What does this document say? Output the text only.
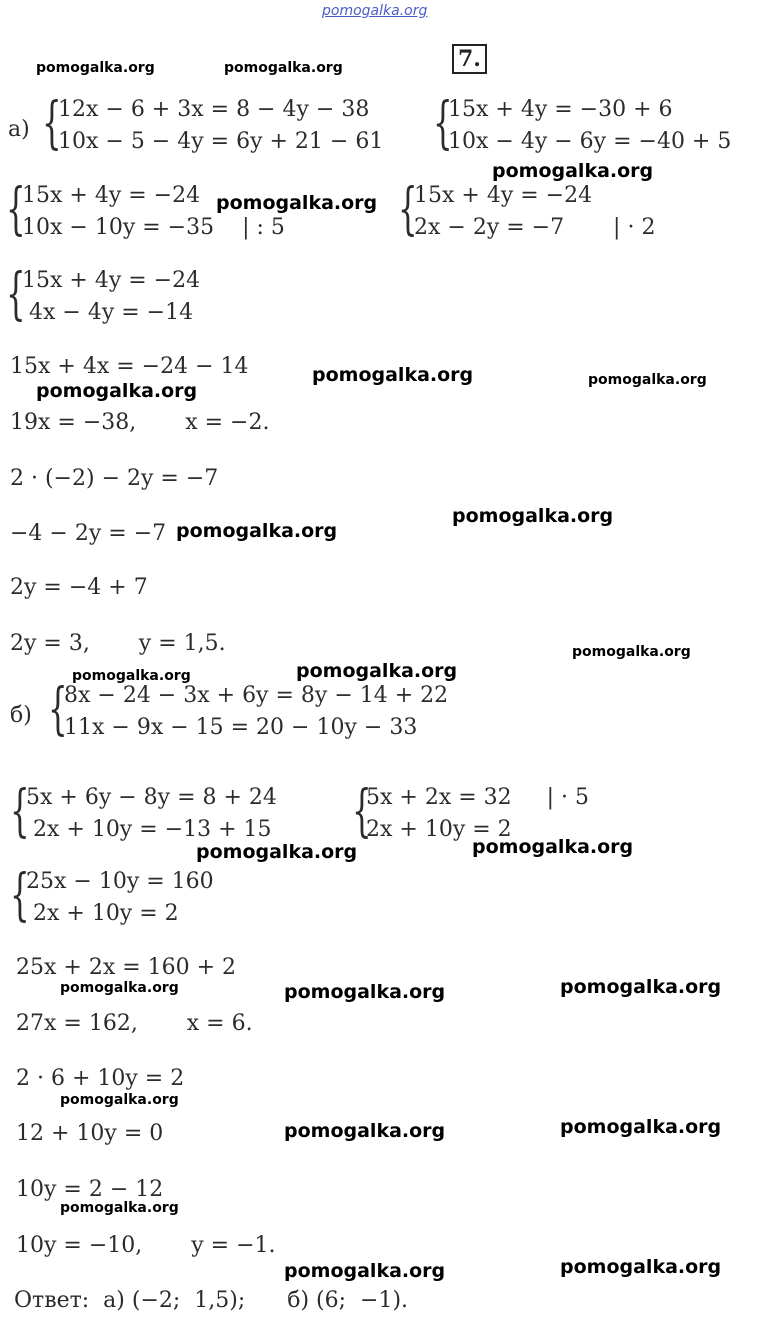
pomogalka.org
7.
а) {
12x − 6 + 3x = 8 − 4y − 38
10x − 5 − 4y = 6y + 21 − 61 {
15x + 4y = −30 + 6
10x − 4y − 6y = −40 + 5
{
15x + 4y = −24
10x − 10y = −35    | : 5 {
15x + 4y = −24
2x − 2y = −7       | · 2
{
15x + 4y = −24
4x − 4y = −14
15x + 4x = −24 − 14
19x = −38,       x = −2.
2 · (−2) − 2y = −7
−4 − 2y = −7
2y = −4 + 7
2y = 3,       y = 1,5.
б) {
8x − 24 − 3x + 6y = 8y − 14 + 22
11x − 9x − 15 = 20 − 10y − 33
{
5x + 6y − 8y = 8 + 24
2x + 10y = −13 + 15 {
5x + 2x = 32     | · 5
2x + 10y = 2
{
25x − 10y = 160
2x + 10y = 2
25x + 2x = 160 + 2
27x = 162,       x = 6.
2 · 6 + 10y = 2
12 + 10y = 0
10y = 2 − 12
10y = −10,       y = −1.
Ответ:  а) (−2;  1,5);      б) (6;  −1).
pomogalka.org	pomogalka.org
pomogalka.org
pomogalka.org
pomogalka.org
pomogalka.org	pomogalka.org
pomogalka.org
pomogalka.org
pomogalka.org
pomogalka.org
pomogalka.org
pomogalka.org	pomogalka.org
pomogalka.org	pomogalka.org	pomogalka.org
pomogalka.org
pomogalka.org	pomogalka.org
pomogalka.org
pomogalka.org	pomogalka.org
